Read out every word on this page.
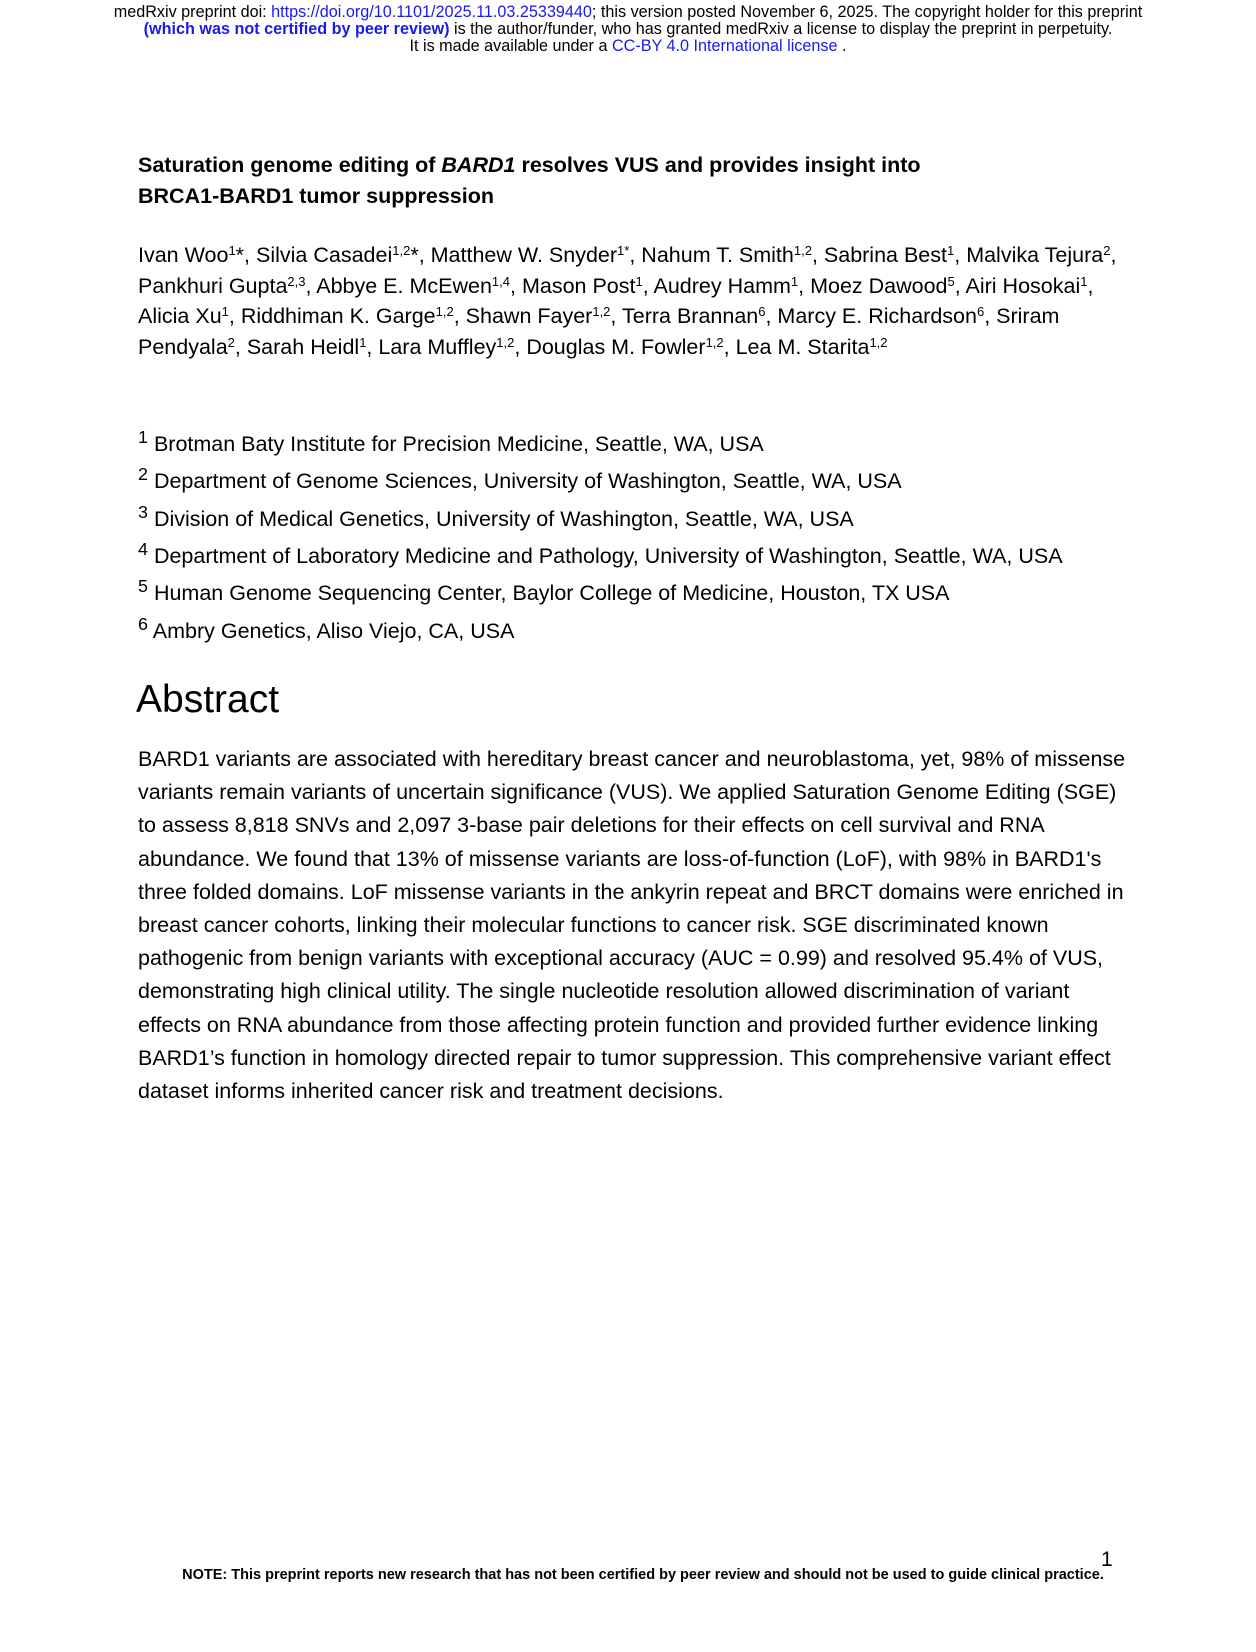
medRxiv preprint doi: https://doi.org/10.1101/2025.11.03.25339440; this version posted November 6, 2025. The copyright holder for this preprint
(which was not certified by peer review) is the author/funder, who has granted medRxiv a license to display the preprint in perpetuity.
It is made available under a CC-BY 4.0 International license .
Saturation genome editing of BARD1 resolves VUS and provides insight into
BRCA1-BARD1 tumor suppression

Ivan Woo$^1$*, Silvia Casadei$^{1,2}$*, Matthew W. Snyder$^{1*}$, Nahum T. Smith$^{1,2}$, Sabrina Best$^1$, Malvika Tejura$^2$, Pankhuri Gupta$^{2,3}$, Abbye E. McEwen$^{1,4}$, Mason Post$^1$, Audrey Hamm$^1$, Moez Dawood$^5$, Airi Hosokai$^1$, Alicia Xu$^1$, Riddhiman K. Garge$^{1,2}$, Shawn Fayer$^{1,2}$, Terra Brannan$^6$, Marcy E. Richardson$^6$, Sriram Pendyala$^2$, Sarah Heidl$^1$, Lara Muffley$^{1,2}$, Douglas M. Fowler$^{1,2}$, Lea M. Starita$^{1,2}$

$^1$ Brotman Baty Institute for Precision Medicine, Seattle, WA, USA
$^2$ Department of Genome Sciences, University of Washington, Seattle, WA, USA
$^3$ Division of Medical Genetics, University of Washington, Seattle, WA, USA
$^4$ Department of Laboratory Medicine and Pathology, University of Washington, Seattle, WA, USA
$^5$ Human Genome Sequencing Center, Baylor College of Medicine, Houston, TX USA
$^6$ Ambry Genetics, Aliso Viejo, CA, USA
Abstract

BARD1 variants are associated with hereditary breast cancer and neuroblastoma, yet, 98% of missense variants remain variants of uncertain significance (VUS). We applied Saturation Genome Editing (SGE) to assess 8,818 SNVs and 2,097 3-base pair deletions for their effects on cell survival and RNA abundance. We found that 13% of missense variants are loss-of-function (LoF), with 98% in BARD1's three folded domains. LoF missense variants in the ankyrin repeat and BRCT domains were enriched in breast cancer cohorts, linking their molecular functions to cancer risk. SGE discriminated known pathogenic from benign variants with exceptional accuracy (AUC = 0.99) and resolved 95.4% of VUS, demonstrating high clinical utility. The single nucleotide resolution allowed discrimination of variant effects on RNA abundance from those affecting protein function and provided further evidence linking BARD1’s function in homology directed repair to tumor suppression. This comprehensive variant effect dataset informs inherited cancer risk and treatment decisions.

1
NOTE: This preprint reports new research that has not been certified by peer review and should not be used to guide clinical practice.
